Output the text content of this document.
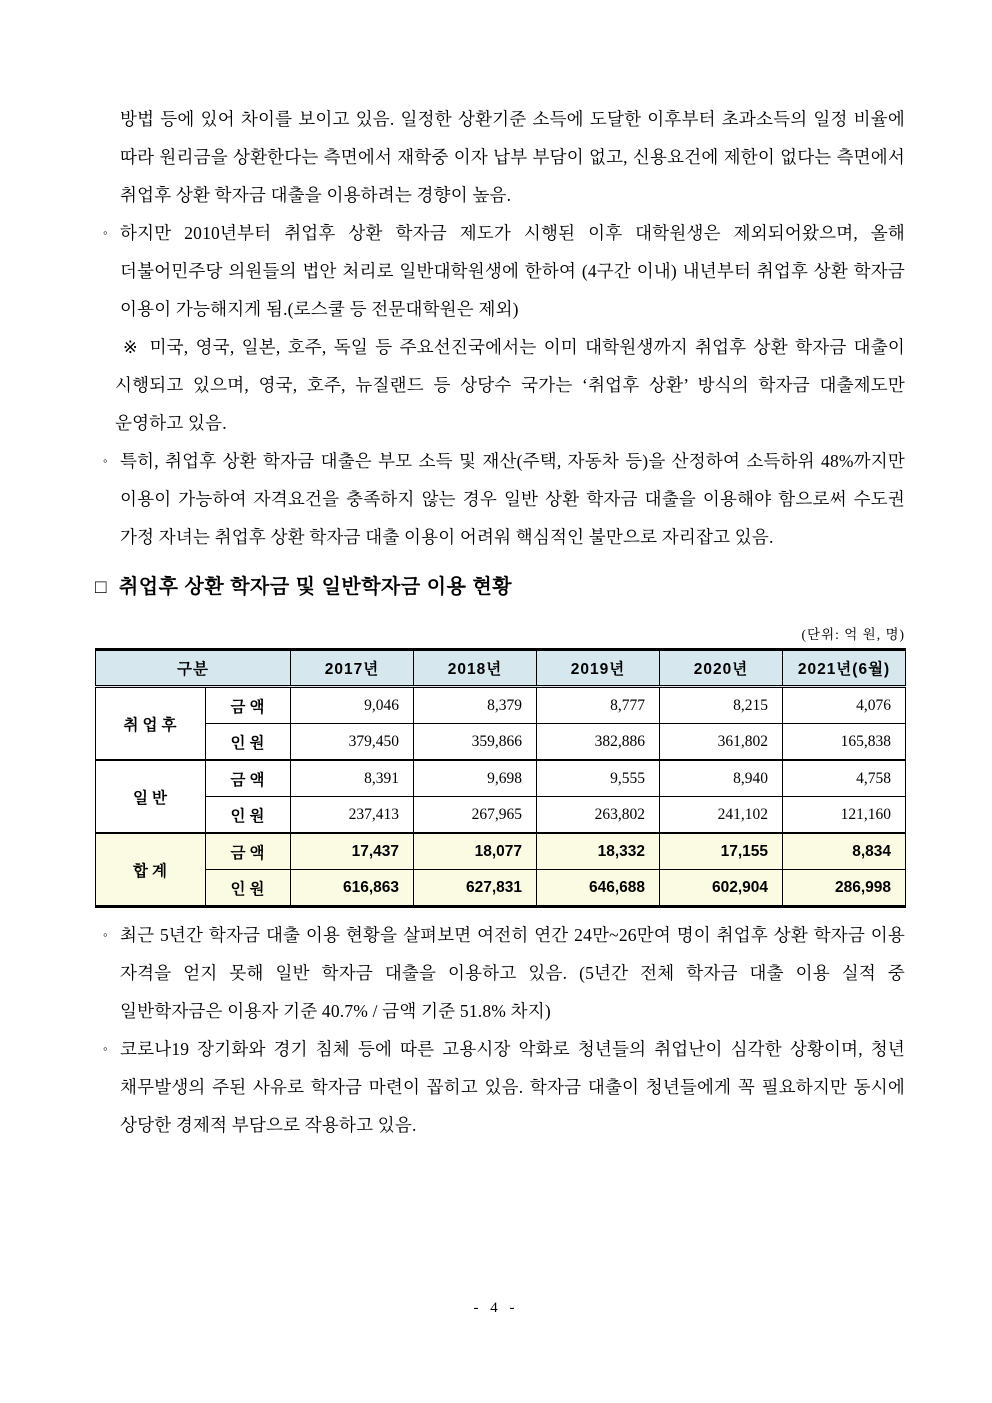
방법 등에 있어 차이를 보이고 있음. 일정한 상환기준 소득에 도달한 이후부터 초과소득의 일정 비율에 따라 원리금을 상환한다는 측면에서 재학중 이자 납부 부담이 없고, 신용요건에 제한이 없다는 측면에서 취업후 상환 학자금 대출을 이용하려는 경향이 높음.

◦ 하지만 2010년부터 취업후 상환 학자금 제도가 시행된 이후 대학원생은 제외되어왔으며, 올해 더불어민주당 의원들의 법안 처리로 일반대학원생에 한하여 (4구간 이내) 내년부터 취업후 상환 학자금 이용이 가능해지게 됨.(로스쿨 등 전문대학원은 제외)

※ 미국, 영국, 일본, 호주, 독일 등 주요선진국에서는 이미 대학원생까지 취업후 상환 학자금 대출이 시행되고 있으며, 영국, 호주, 뉴질랜드 등 상당수 국가는 ‘취업후 상환’ 방식의 학자금 대출제도만 운영하고 있음.

◦ 특히, 취업후 상환 학자금 대출은 부모 소득 및 재산(주택, 자동차 등)을 산정하여 소득하위 48%까지만 이용이 가능하여 자격요건을 충족하지 않는 경우 일반 상환 학자금 대출을 이용해야 함으로써 수도권 가정 자녀는 취업후 상환 학자금 대출 이용이 어려워 핵심적인 불만으로 자리잡고 있음.

□ 취업후 상환 학자금 및 일반학자금 이용 현황
(단위: 억 원, 명)
구분		2017년	2018년	2019년	2020년	2021년(6월)
취업후	금액	9,046	8,379	8,777	8,215	4,076
	인원	379,450	359,866	382,886	361,802	165,838
일반	금액	8,391	9,698	9,555	8,940	4,758
	인원	237,413	267,965	263,802	241,102	121,160
합계	금액	17,437	18,077	18,332	17,155	8,834
	인원	616,863	627,831	646,688	602,904	286,998

◦ 최근 5년간 학자금 대출 이용 현황을 살펴보면 여전히 연간 24만~26만여 명이 취업후 상환 학자금 이용 자격을 얻지 못해 일반 학자금 대출을 이용하고 있음. (5년간 전체 학자금 대출 이용 실적 중 일반학자금은 이용자 기준 40.7% / 금액 기준 51.8% 차지)

◦ 코로나19 장기화와 경기 침체 등에 따른 고용시장 악화로 청년들의 취업난이 심각한 상황이며, 청년 채무발생의 주된 사유로 학자금 마련이 꼽히고 있음. 학자금 대출이 청년들에게 꼭 필요하지만 동시에 상당한 경제적 부담으로 작용하고 있음.

- 4 -
